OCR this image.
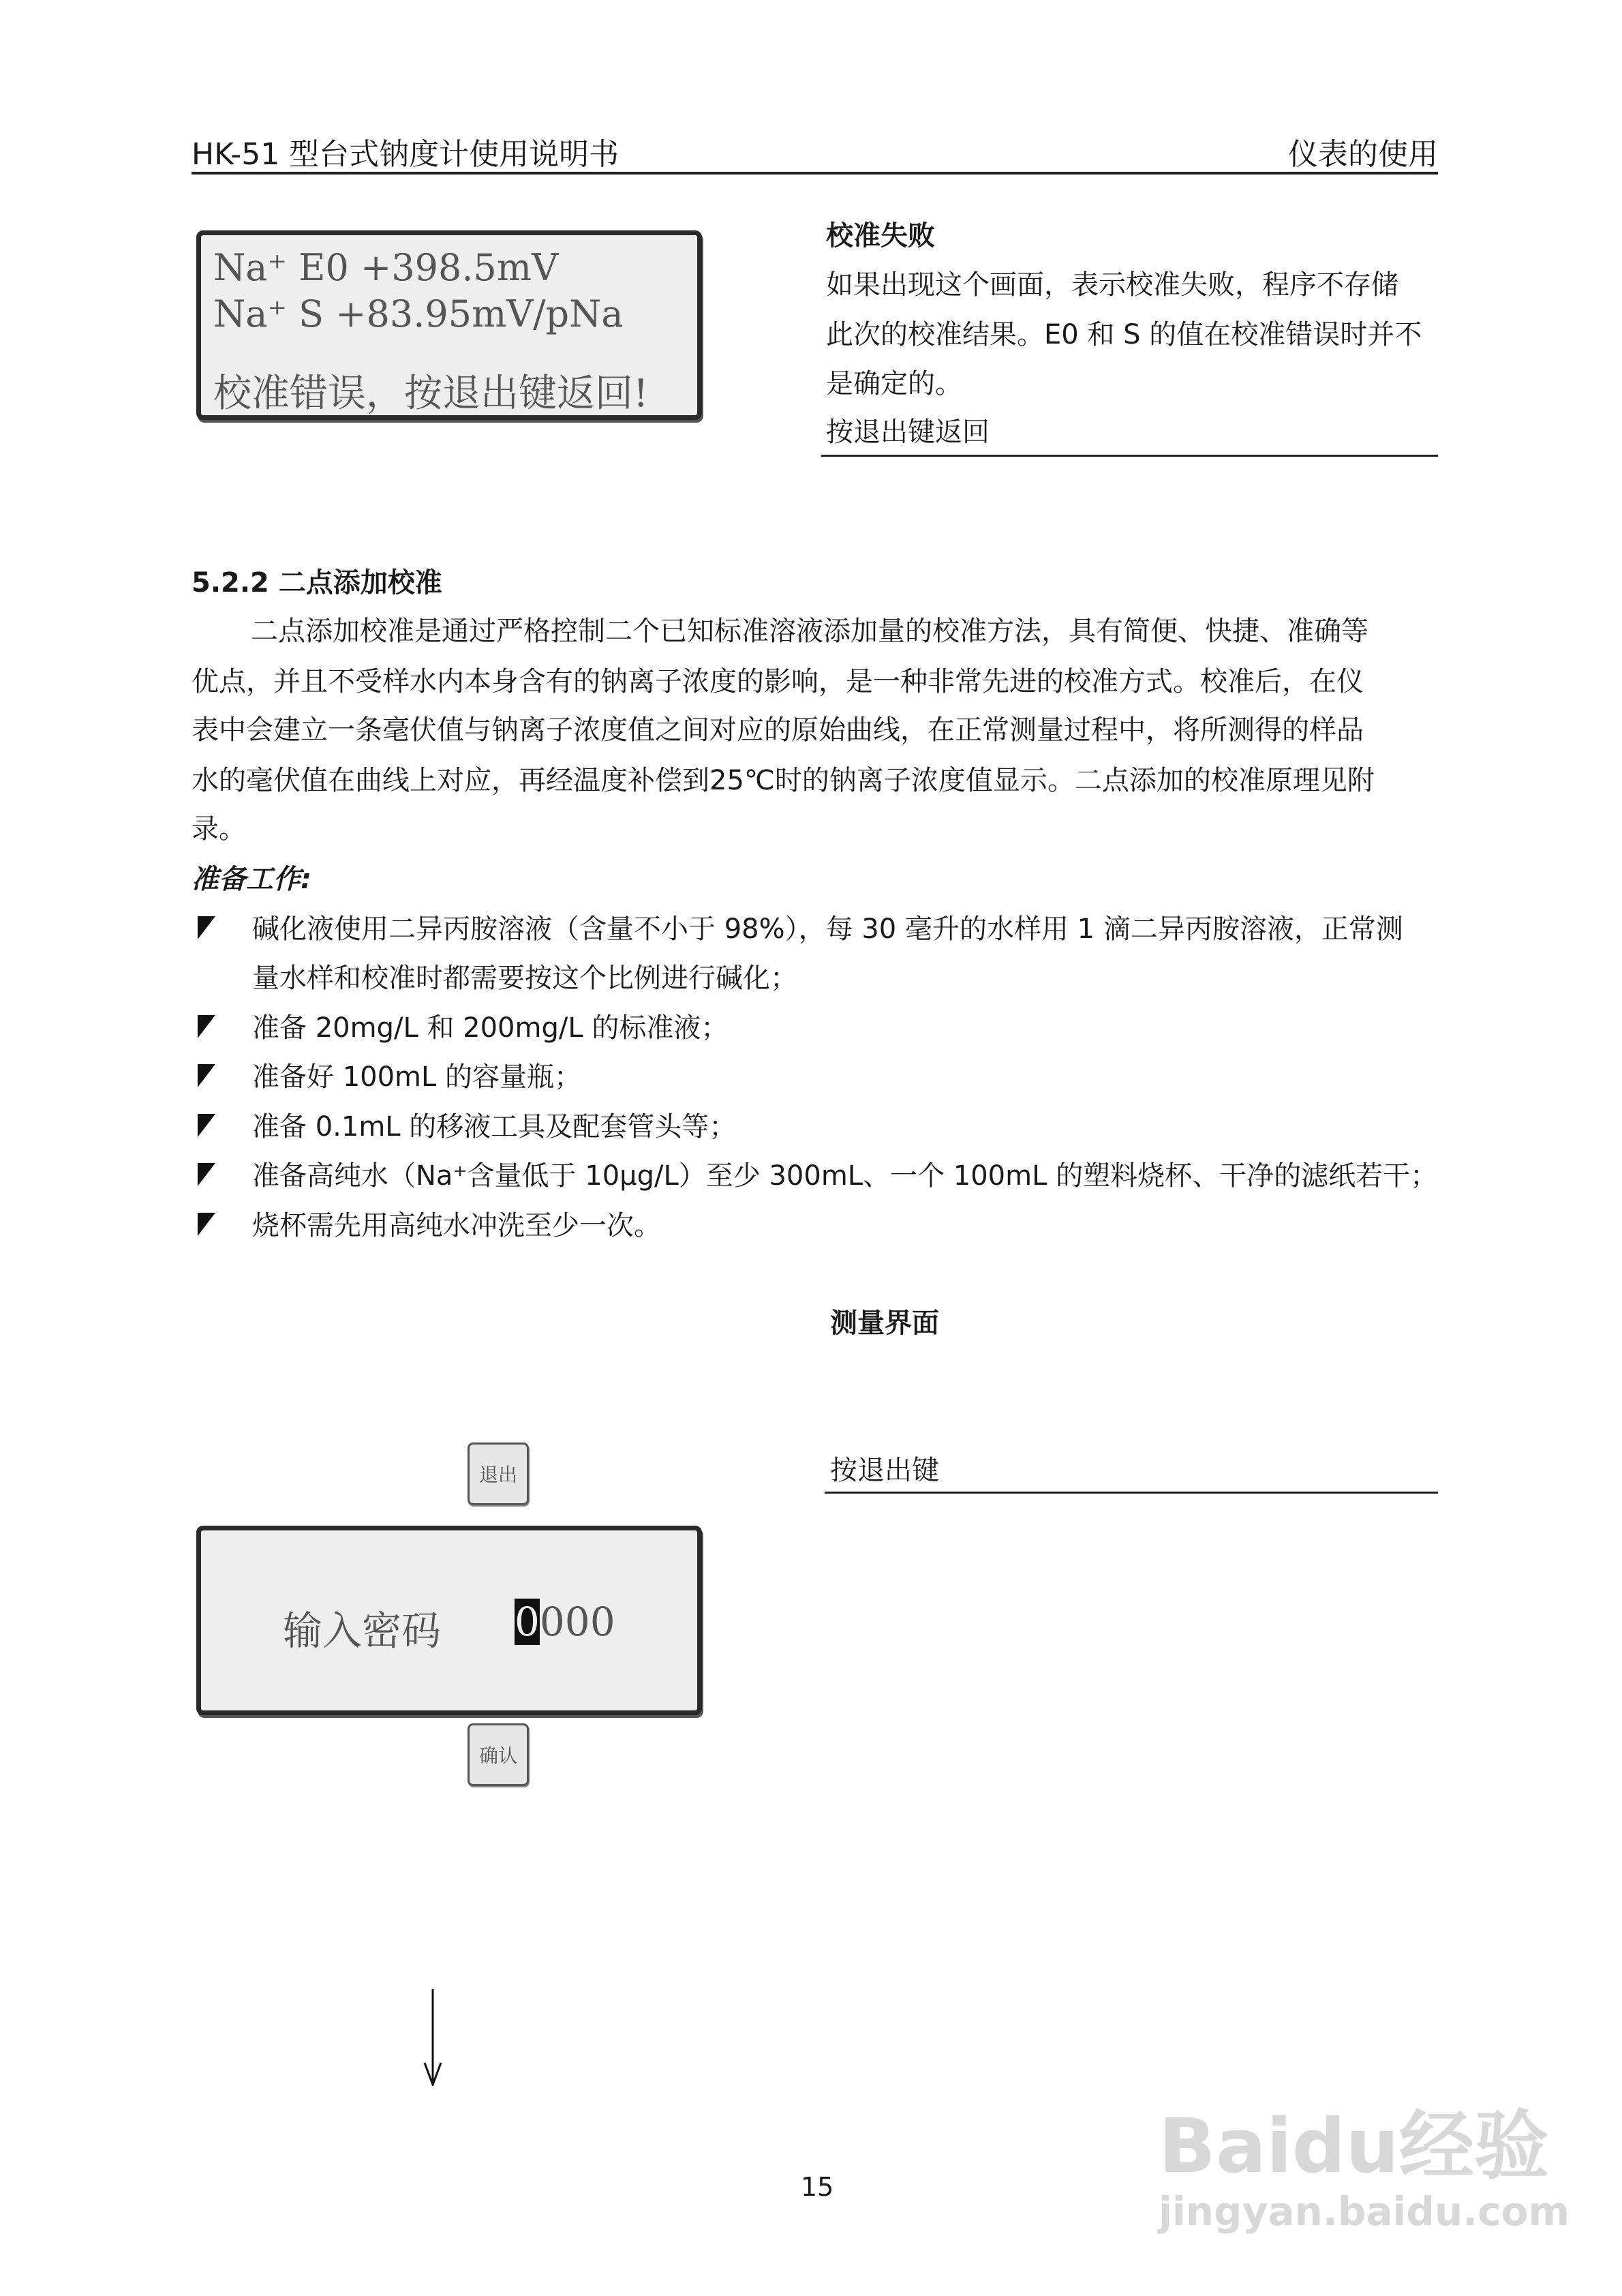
HK-51 型台式钠度计使用说明书	仪表的使用
Na⁺ E0 +398.5mV
Na⁺ S +83.95mV/pNa
校准错误，按退出键返回!
校准失败
如果出现这个画面，表示校准失败，程序不存储
此次的校准结果。E0 和 S 的值在校准错误时并不
是确定的。
按退出键返回
5.2.2 二点添加校准
二点添加校准是通过严格控制二个已知标准溶液添加量的校准方法，具有简便、快捷、准确等
优点，并且不受样水内本身含有的钠离子浓度的影响，是一种非常先进的校准方式。校准后，在仪
表中会建立一条毫伏值与钠离子浓度值之间对应的原始曲线，在正常测量过程中，将所测得的样品
水的毫伏值在曲线上对应，再经温度补偿到25℃时的钠离子浓度值显示。二点添加的校准原理见附
录。
准备工作:
碱化液使用二异丙胺溶液（含量不小于 98%），每 30 毫升的水样用 1 滴二异丙胺溶液，正常测
量水样和校准时都需要按这个比例进行碱化；
准备 20mg/L 和 200mg/L 的标准液；
准备好 100mL 的容量瓶；
准备 0.1mL 的移液工具及配套管头等；
准备高纯水（Na⁺含量低于 10μg/L）至少 300mL、一个 100mL 的塑料烧杯、干净的滤纸若干；
烧杯需先用高纯水冲洗至少一次。
测量界面
退出	按退出键
输入密码 0000
确认
15	Baidu经验
jingyan.baidu.com
